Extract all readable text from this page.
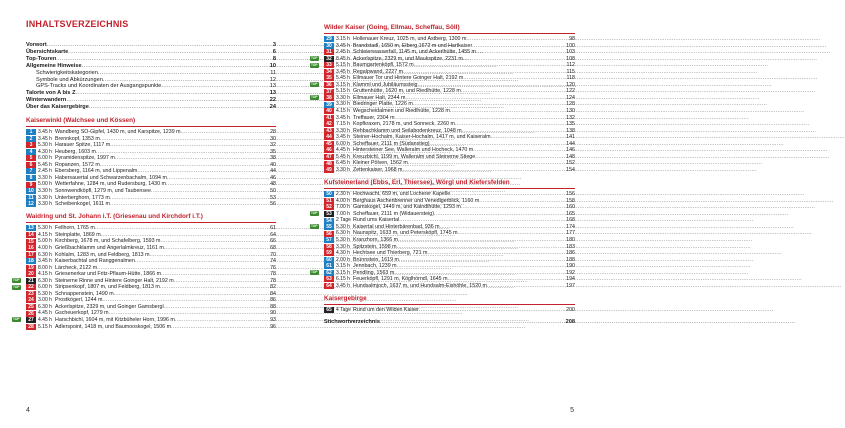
INHALTSVERZEICHNIS
Vorwort .....	3
Übersichtskarte .....	6
Top-Touren .....	8
Allgemeine Hinweise .....	10
Schwierigkeitskategorien .....	11
Symbole und Abkürzungen .....	12
GPS-Tracks und Koordinaten der Ausgangspunkte .....	13
Talorte von A bis Z .....	13
Winterwandern .....	22
Über das Kaisergebirge .....	24
Kaiserwinkl (Walchsee und Kössen)
1	3.45 h Wandberg SO-Gipfel, 1430 m, und Karspitze, 1239 m .....	28
2	3.45 h Brennkopf, 1353 m .....	30
3	5.30 h Harauer Spitze, 1117 m .....	32
4	4.30 h Heuberg, 1603 m .....	35
5	6.00 h Pyramidenspitze, 1997 m .....	38
6	5.45 h Ropanzen, 1572 m .....	40
7	2.45 h Ebersberg, 1164 m, und Lippenalm .....	44
8	3.30 h Habersauertal und Schwarzenbachalm, 1094 m .....	46
9	5.00 h Wetterfahne, 1284 m, und Rudersburg, 1430 m .....	48
10 3.30 h Sonnwendköpfl, 1279 m, und Taubensee .....	50
11 3.30 h Unterberghorn, 1773 m .....	53
12 3.30 h Scheibenkogel, 1611 m .....	56
Waidring und St. Johann i.T. (Griesenau und Kirchdorf i.T.)
13 5.30 h Fellhorn, 1765 m .....	61
14 4.15 h Steinplatte, 1869 m .....	64
15 5.00 h Kirchberg, 1678 m, und Schafelberg, 1593 m .....	66
16 4.00 h Grießbachklamm und Angerlalmkreuz, 1161 m .....	68
17 6.30 h Kohlalm, 1283 m, und Feldberg, 1813 m .....	70
18 3.45 h Kaiserbachtal und Ranggenalmen .....	74
19 8.00 h Lärcheck, 2122 m .....	76
20 4.15 h Griesenerkar und Fritz-Pflaum-Hütte, 1866 m .....	78
TOP	21 6.30 h Steinerne Rinne und Hintere Goinger Halt, 2192 m .....	78
TOP	22 6.00 h Stripsenkopf, 1807 m, und Feldberg, 1813 m .....	82
23 5.30 h Schnappenstein, 1490 m .....	84
24 3.00 h Prostkögerl, 1244 m .....	86
25 6.30 h Ackerlspitze, 2329 m, und Goinger Gamsbergl .....	88
26 4.45 h Gscheuerkopf, 1279 m .....	90
TOP	27 4.45 h Harschbichl, 1604 m, mit Kitzbüheler Horn, 1996 m .....	93
28 5.15 h Adlerspoint, 1418 m, und Baumooskogel, 1506 m .....	96
4
Wilder Kaiser (Going, Ellmau, Scheffau, Söll)
29 3.15 h Hollenauer Kreuz, 1025 m, und Astberg, 1300 m .....	98
30 3.45 h Brandstadl, 1650 m, Elberg,1672 m und Hartkaiser .....	100
31 2.45 h Schleierwasserfall, 1145 m, und Ackerlhütte, 1455 m .....	103
TOP	32 8.45 h Ackerlspitze, 2329 m, und Maukspitze, 2231 m .....	108
TOP	33 5.15 h Baumgartenköpfl, 1572 m .....	112
34 3.45 h Regalpwand, 2227 m .....	115
35 5.45 h Ellmauer Tor und Hintere Goinger Halt, 2192 m .....	118
TOP	36 3.15 h Klamml und Jubiläumssteig .....	120
37 5.15 h Gruttenhütte, 1620 m, und Riedlhütte, 1228 m .....	122
TOP	38 3.30 h Ellmauer Halt, 2344 m .....	124
39 3.30 h Biedringer Platte, 1226 m .....	128
40 4.15 h Wegscheidalmen und Riedlhütte, 1228 m .....	130
41 3.45 h Treffauer, 2304 m .....	132
42 7.15 h Kopfkraxen, 2178 m, und Sonneck, 2260 m .....	135
43 3.30 h Rehbachklamm und Seilabodenkreuz, 1048 m .....	138
44 3.45 h Steiner-Hochalm, Kaiser-Hochalm, 1417 m, und Kaiseralm .....	141
45 6.00 h Scheffauer, 2111 m (Südanstieg) .....	144
46 4.45 h Hintersteiner See, Walleralm und Hocheck, 1470 m .....	146
47 5.45 h Kreuzbichl, 1199 m, Walleralm und Steinerne Stiege .....	148
48 6.45 h Kleiner Pölven, 1562 m .....	152
49 3.30 h Zettenkaiser, 1968 m .....	154
Kufsteinerland (Ebbs, Erl, Thiersee), Wörgl und Kiefersfelden
50 2.30 h Hochwacht, 659 m, und Locherer Kapelle .....	156
51 4.00 h Berghaus Aschenbrenner und Venedigerblick, 1160 m .....	158
52 7.00 h Gamskogel, 1449 m, und Kaindlhütte, 1293 m .....	160
TOP	53 7.00 h Scheffauer, 2111 m (Widauersteig) .....	165
54 2 Tage Rund ums Kaisertal .....	168
TOP	55 5.30 h Kaisertal und Hinterbärenbad, 936 m .....	174
56 6.30 h Naunspitz, 1633 m, und Petersköpfl, 1745 m .....	177
57 5.30 h Kranzhorn, 1366 m .....	180
58 3.30 h Spitzstein, 1598 m .....	183
59 4.30 h Hechtsee und Thierberg, 721 m .....	186
60 2.00 h Brünnstein, 1619 m .....	188
61 3.15 h Jennbach, 1239 m .....	190
TOP	62 3.15 h Pendling, 1563 m .....	192
63 6.15 h Feuerköpfl, 1291 m, Köglhörndl, 1645 m .....	194
64 3.45 h Hundsalmjoch, 1637 m, und Hundsalm-Eishöhle, 1520 m .....	197
Kaisergebirge
65 4 Tage Rund um den Wilden Kaiser .....	200
Stichwortverzeichnis .....	208
5
